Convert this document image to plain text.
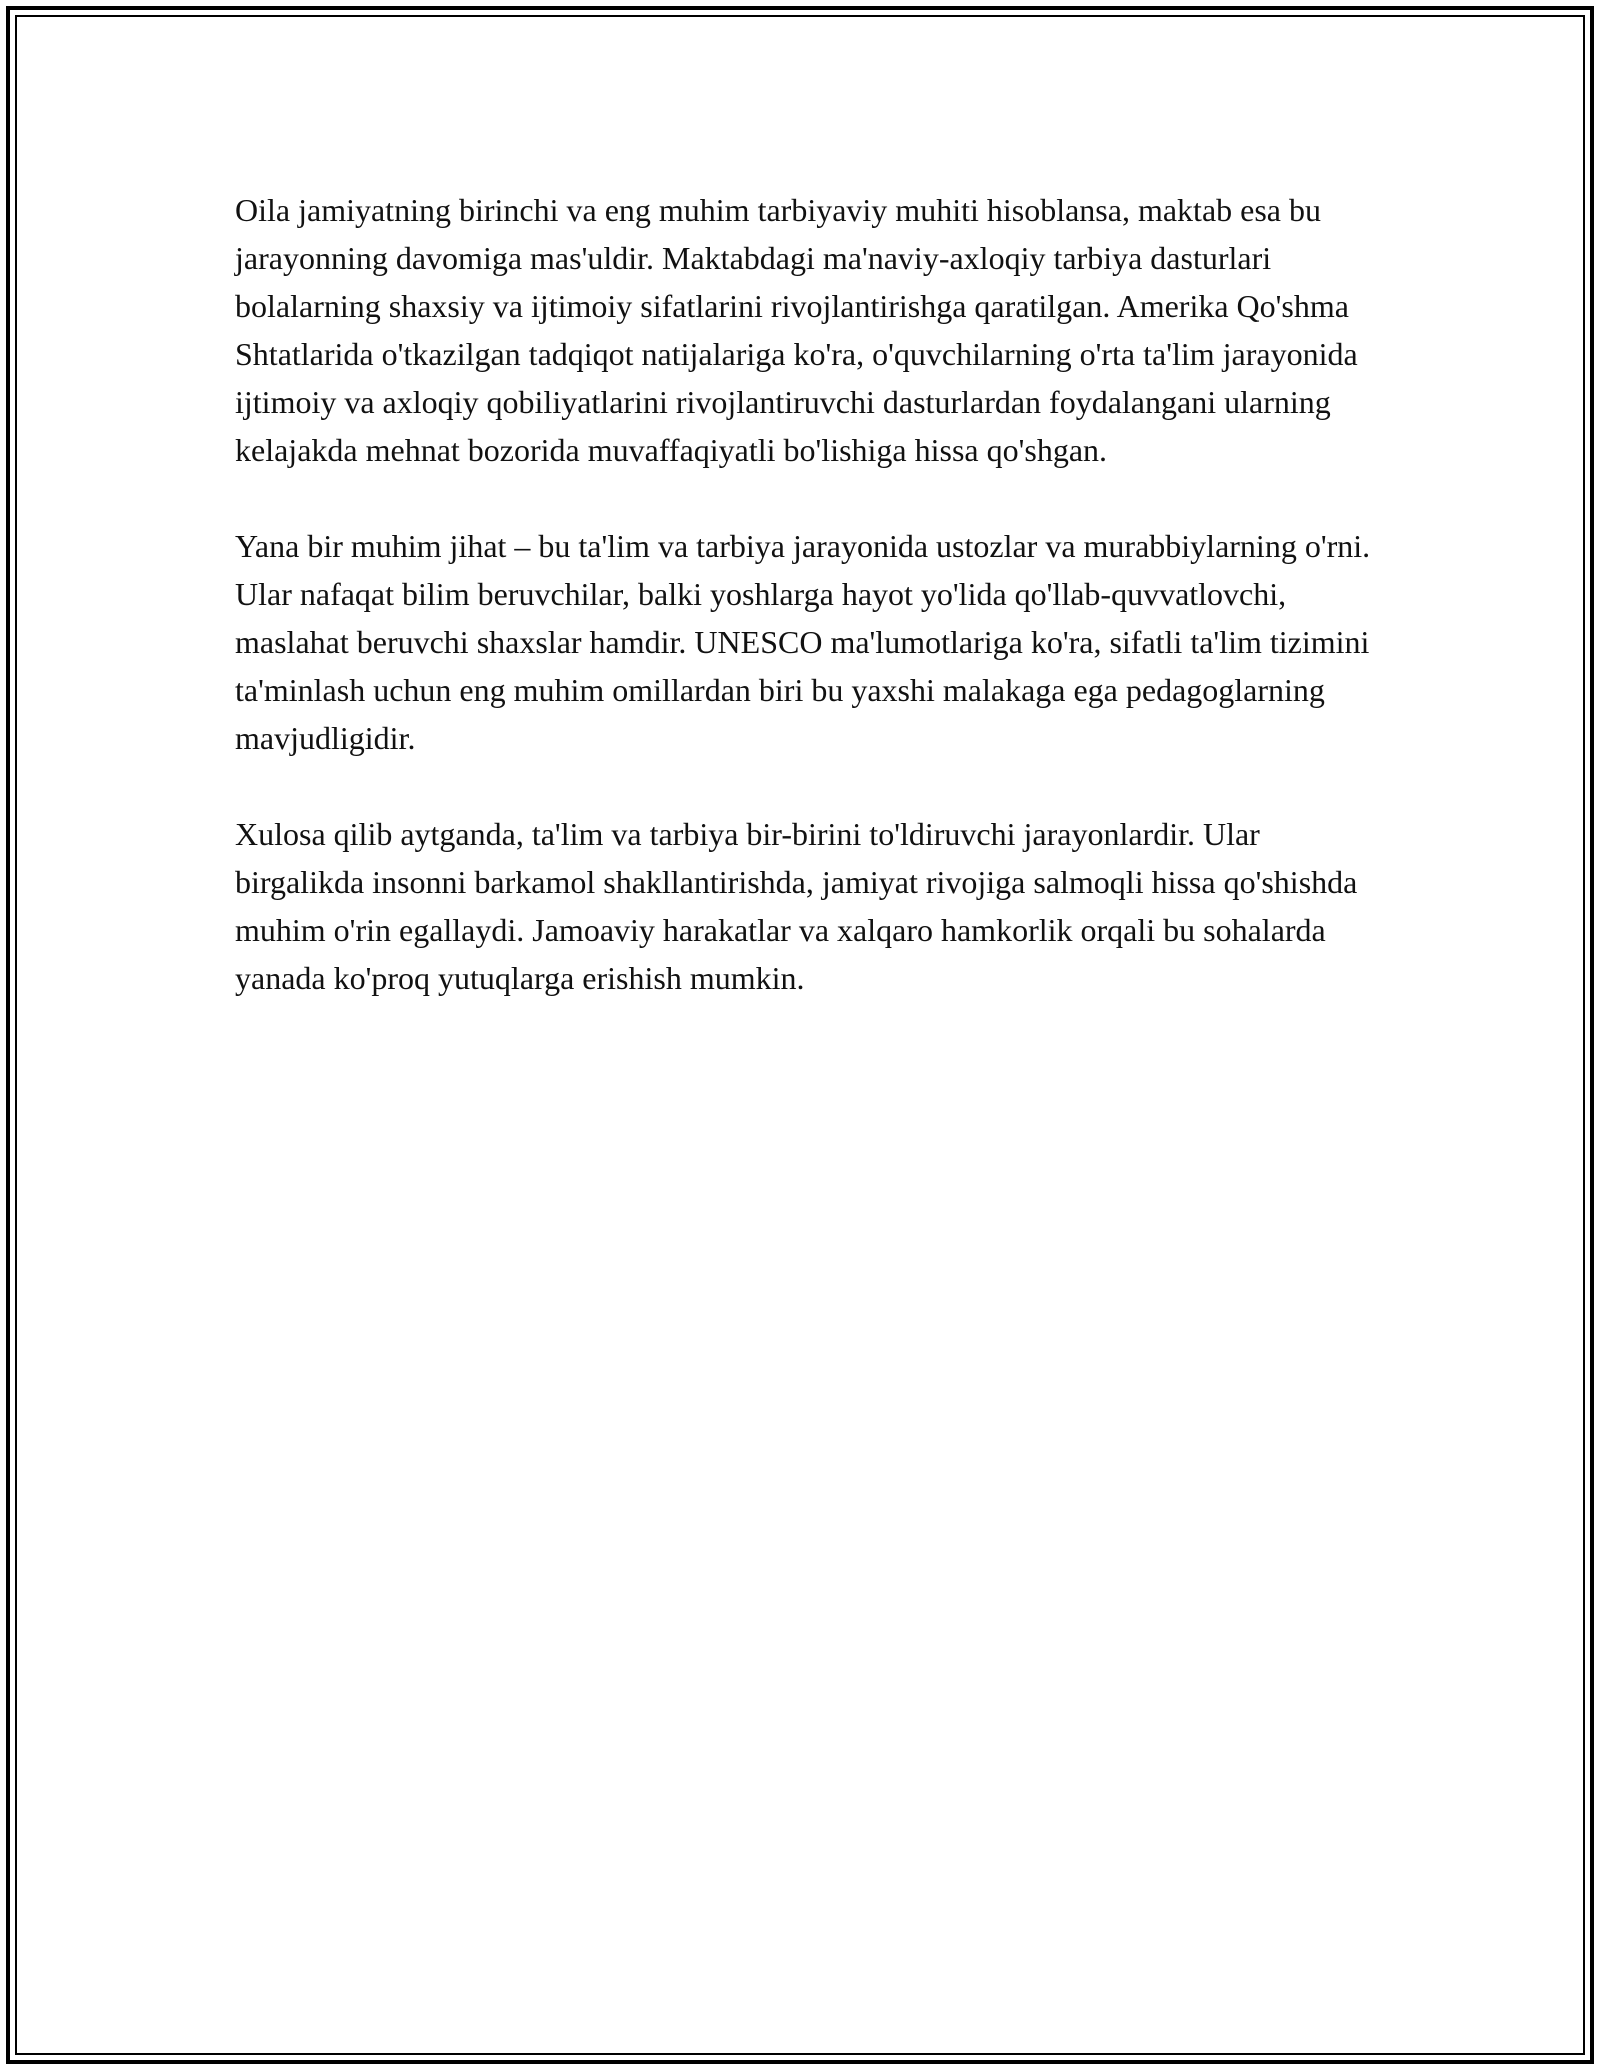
Oila jamiyatning birinchi va eng muhim tarbiyaviy muhiti hisoblansa, maktab esa bu jarayonning davomiga mas'uldir. Maktabdagi ma'naviy-axloqiy tarbiya dasturlari bolalarning shaxsiy va ijtimoiy sifatlarini rivojlantirishga qaratilgan. Amerika Qo'shma Shtatlarida o'tkazilgan tadqiqot natijalariga ko'ra, o'quvchilarning o'rta ta'lim jarayonida ijtimoiy va axloqiy qobiliyatlarini rivojlantiruvchi dasturlardan foydalangani ularning kelajakda mehnat bozorida muvaffaqiyatli bo'lishiga hissa qo'shgan.

Yana bir muhim jihat – bu ta'lim va tarbiya jarayonida ustozlar va murabbiylarning o'rni. Ular nafaqat bilim beruvchilar, balki yoshlarga hayot yo'lida qo'llab-quvvatlovchi, maslahat beruvchi shaxslar hamdir. UNESCO ma'lumotlariga ko'ra, sifatli ta'lim tizimini ta'minlash uchun eng muhim omillardan biri bu yaxshi malakaga ega pedagoglarning mavjudligidir.

Xulosa qilib aytganda, ta'lim va tarbiya bir-birini to'ldiruvchi jarayonlardir. Ular birgalikda insonni barkamol shakllantirishda, jamiyat rivojiga salmoqli hissa qo'shishda muhim o'rin egallaydi. Jamoaviy harakatlar va xalqaro hamkorlik orqali bu sohalarda yanada ko'proq yutuqlarga erishish mumkin.
